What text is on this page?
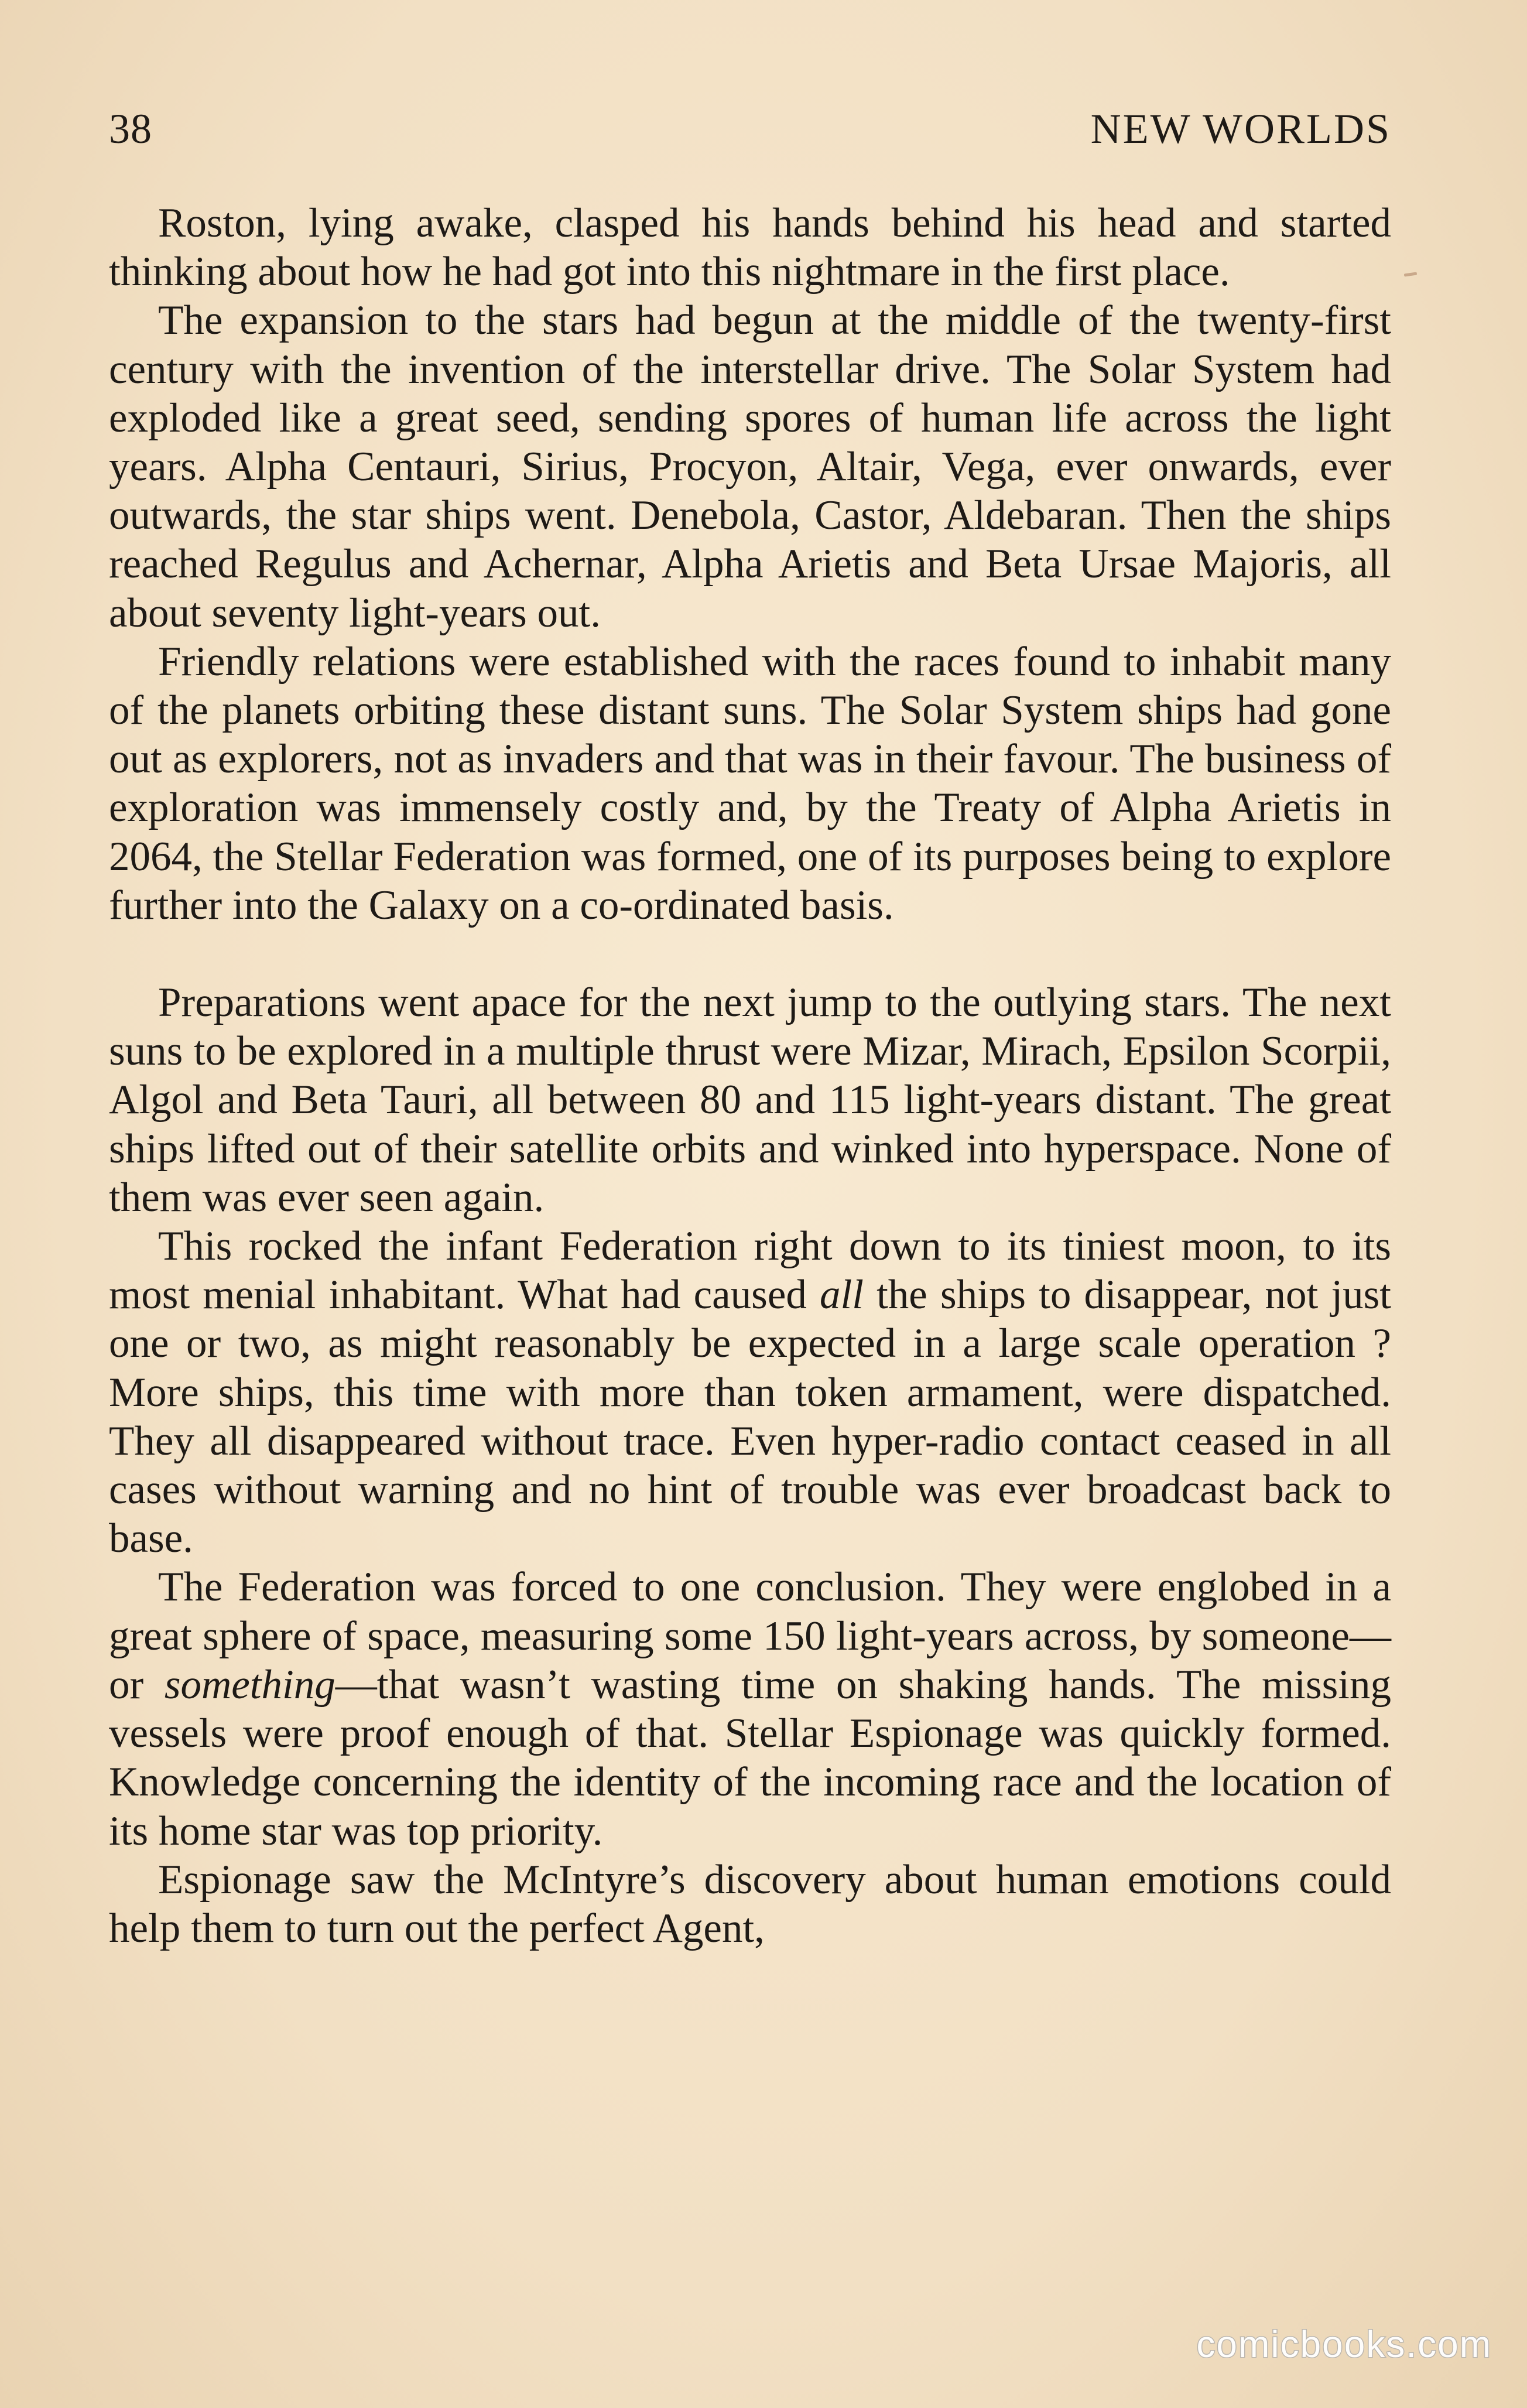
38	NEW WORLDS

Roston, lying awake, clasped his hands behind his head and started thinking about how he had got into this nightmare in the first place.

The expansion to the stars had begun at the middle of the twenty-first century with the invention of the interstellar drive. The Solar System had exploded like a great seed, sending spores of human life across the light years. Alpha Centauri, Sirius, Procyon, Altair, Vega, ever onwards, ever outwards, the star ships went. Denebola, Castor, Aldebaran. Then the ships reached Regulus and Achernar, Alpha Arietis and Beta Ursae Majoris, all about seventy light-years out.

Friendly relations were established with the races found to inhabit many of the planets orbiting these distant suns. The Solar System ships had gone out as explorers, not as invaders and that was in their favour. The business of exploration was immensely costly and, by the Treaty of Alpha Arietis in 2064, the Stellar Federation was formed, one of its purposes being to explore further into the Galaxy on a co-ordinated basis.

Preparations went apace for the next jump to the outlying stars. The next suns to be explored in a multiple thrust were Mizar, Mirach, Epsilon Scorpii, Algol and Beta Tauri, all between 80 and 115 light-years distant. The great ships lifted out of their satellite orbits and winked into hyperspace. None of them was ever seen again.

This rocked the infant Federation right down to its tiniest moon, to its most menial inhabitant. What had caused all the ships to disappear, not just one or two, as might reasonably be expected in a large scale operation ? More ships, this time with more than token armament, were dispatched. They all disappeared without trace. Even hyper-radio contact ceased in all cases without warning and no hint of trouble was ever broadcast back to base.

The Federation was forced to one conclusion. They were englobed in a great sphere of space, measuring some 150 light-years across, by someone—or something—that wasn’t wasting time on shaking hands. The missing vessels were proof enough of that. Stellar Espionage was quickly formed. Knowledge concerning the identity of the incoming race and the location of its home star was top priority.

Espionage saw the McIntyre’s discovery about human emotions could help them to turn out the perfect Agent,

comicbooks.com
